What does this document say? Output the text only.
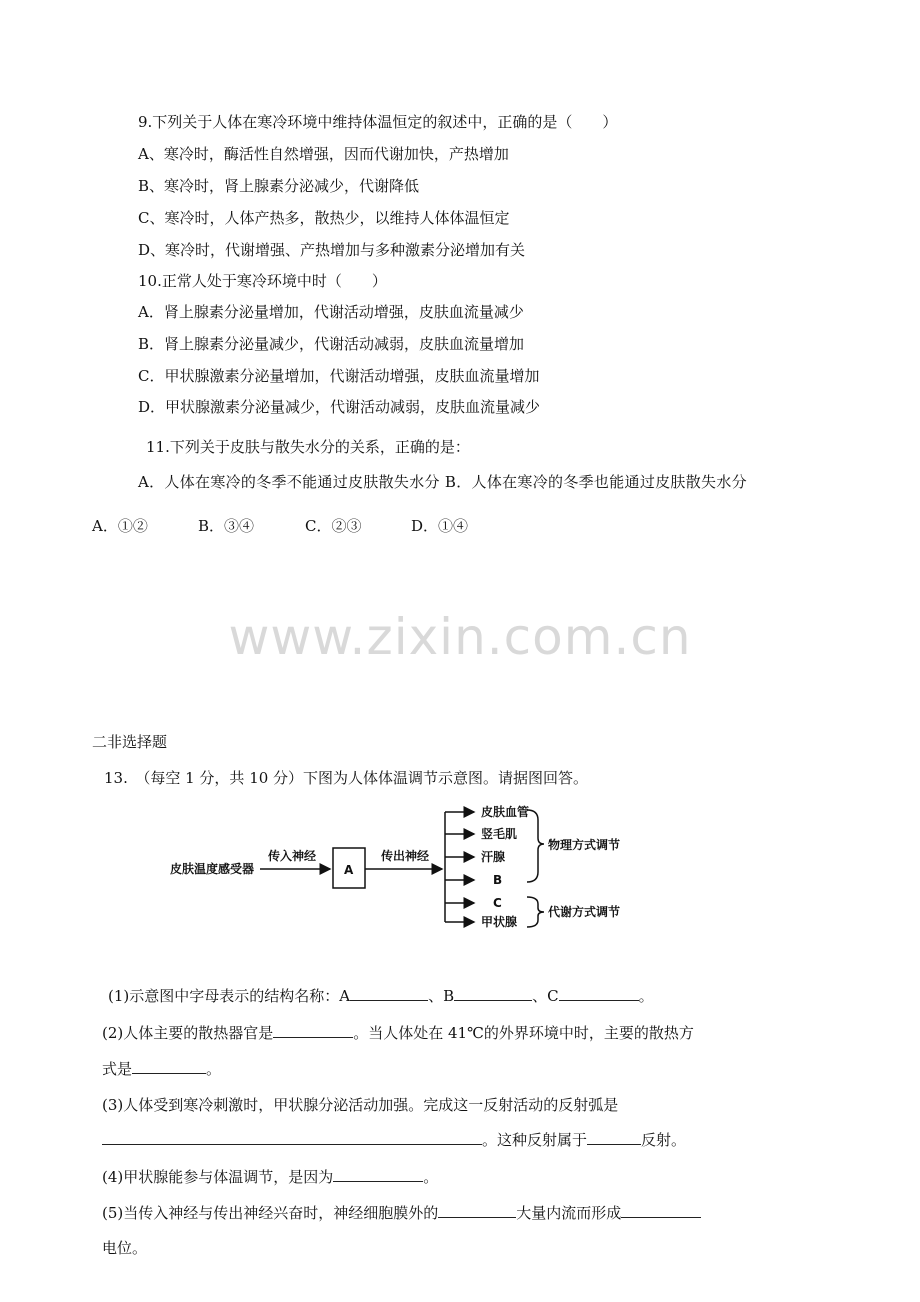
9.下列关于人体在寒冷环境中维持体温恒定的叙述中，正确的是（　　）
A、寒冷时，酶活性自然增强，因而代谢加快，产热增加
B、寒冷时，肾上腺素分泌减少，代谢降低
C、寒冷时，人体产热多，散热少，以维持人体体温恒定
D、寒冷时，代谢增强、产热增加与多种激素分泌增加有关
10.正常人处于寒冷环境中时（　　）
A．肾上腺素分泌量增加，代谢活动增强，皮肤血流量减少
B．肾上腺素分泌量减少，代谢活动减弱，皮肤血流量增加
C．甲状腺激素分泌量增加，代谢活动增强，皮肤血流量增加
D．甲状腺激素分泌量减少，代谢活动减弱，皮肤血流量减少
11.下列关于皮肤与散失水分的关系，正确的是：
A．人体在寒冷的冬季不能通过皮肤散失水分 B．人体在寒冷的冬季也能通过皮肤散失水分
A．①②	B．③④	C．②③	D．①④
www.zixin.com.cn
二非选择题
13.　（每空 1 分，共 10 分）下图为人体体温调节示意图。请据图回答。
皮肤温度感受器
传入神经
A
传出神经
皮肤血管
竖毛肌
汗腺
B
C
甲状腺
物理方式调节
代谢方式调节
(1)示意图中字母表示的结构名称：A	、B	、C	。
(2)人体主要的散热器官是	。当人体处在 41℃的外界环境中时，主要的散热方
式是	。
(3)人体受到寒冷刺激时，甲状腺分泌活动加强。完成这一反射活动的反射弧是
。这种反射属于	反射。
(4)甲状腺能参与体温调节，是因为	。
(5)当传入神经与传出神经兴奋时，神经细胞膜外的	大量内流而形成
电位。
